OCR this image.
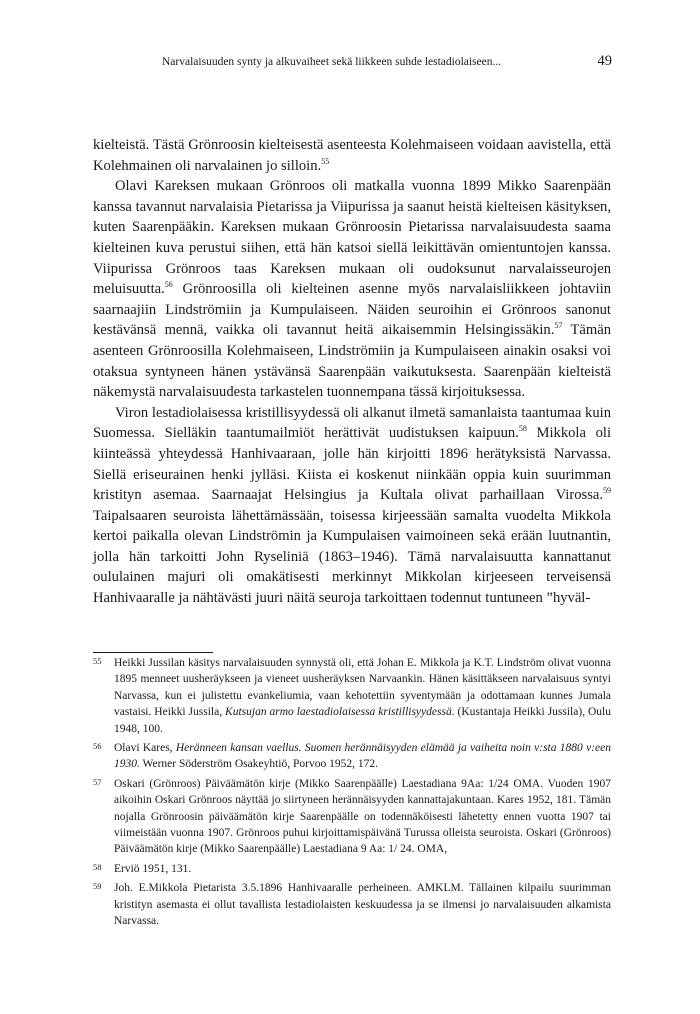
Narvalaisuuden synty ja alkuvaiheet sekä liikkeen suhde lestadiolaiseen...	49

kielteistä. Tästä Grönroosin kielteisestä asenteesta Kolehmaiseen voidaan aavistella, että Kolehmainen oli narvalainen jo silloin.$^{55}$

Olavi Kareksen mukaan Grönroos oli matkalla vuonna 1899 Mikko Saarenpään kanssa tavannut narvalaisia Pietarissa ja Viipurissa ja saanut heistä kielteisen käsityksen, kuten Saarenpääkin. Kareksen mukaan Grönroosin Pietarissa narvalaisuudesta saama kielteinen kuva perustui siihen, että hän katsoi siellä leikittävän omientuntojen kanssa. Viipurissa Grönroos taas Kareksen mukaan oli oudoksunut narvalaisseurojen meluisuutta.$^{56}$ Grönroosilla oli kielteinen asenne myös narvalaisliikkeen johtaviin saarnaajiin Lindströmiin ja Kumpulaiseen. Näiden seuroihin ei Grönroos sanonut kestävänsä mennä, vaikka oli tavannut heitä aikaisemmin Helsingissäkin.$^{57}$ Tämän asenteen Grönroosilla Kolehmaiseen, Lindströmiin ja Kumpulaiseen ainakin osaksi voi otaksua syntyneen hänen ystävänsä Saarenpään vaikutuksesta. Saarenpään kielteistä näkemystä narvalaisuudesta tarkastelen tuonnempana tässä kirjoituksessa.

Viron lestadiolaisessa kristillisyydessä oli alkanut ilmetä samanlaista taantumaa kuin Suomessa. Sielläkin taantumailmiöt herättivät uudistuksen kaipuun.$^{58}$ Mikkola oli kiinteässä yhteydessä Hanhivaaraan, jolle hän kirjoitti 1896 herätyksistä Narvassa. Siellä eriseurainen henki jylläsi. Kiista ei koskenut niinkään oppia kuin suurimman kristityn asemaa. Saarnaajat Helsingius ja Kultala olivat parhaillaan Virossa.$^{59}$ Taipalsaaren seuroista lähettämässään, toisessa kirjeessään samalta vuodelta Mikkola kertoi paikalla olevan Lindströmin ja Kumpulaisen vaimoineen sekä erään luutnantin, jolla hän tarkoitti John Ryseliniä (1863–1946). Tämä narvalaisuutta kannattanut oululainen majuri oli omakätisesti merkinnyt Mikkolan kirjeeseen terveisensä Hanhivaaralle ja nähtävästi juuri näitä seuroja tarkoittaen todennut tuntuneen ”hyväl-

55 Heikki Jussilan käsitys narvalaisuuden synnystä oli, että Johan E. Mikkola ja K.T. Lindström olivat vuonna 1895 menneet uusheräykseen ja vieneet uusheräyksen Narvaankin. Hänen käsittäkseen narvalaisuus syntyi Narvassa, kun ei julistettu evankeliumia, vaan kehotettiin syventymään ja odottamaan kunnes Jumala vastaisi. Heikki Jussila, Kutsujan armo laestadiolaisessa kristillisyydessä. (Kustantaja Heikki Jussila), Oulu 1948, 100.
56 Olavi Kares, Heränneen kansan vaellus. Suomen herännäisyyden elämää ja vaiheita noin v:sta 1880 v:een 1930. Werner Söderström Osakeyhtiö, Porvoo 1952, 172.
57 Oskari (Grönroos) Päiväämätön kirje (Mikko Saarenpäälle) Laestadiana 9Aa: 1/24 OMA. Vuoden 1907 aikoihin Oskari Grönroos näyttää jo siirtyneen herännäisyyden kannattajakuntaan. Kares 1952, 181. Tämän nojalla Grönroosin päiväämätön kirje Saarenpäälle on todennäköisesti lähetetty ennen vuotta 1907 tai viimeistään vuonna 1907. Grönroos puhui kirjoittamispäivänä Turussa olleista seuroista. Oskari (Grönroos) Päiväämätön kirje (Mikko Saarenpäälle) Laestadiana 9 Aa: 1/ 24. OMA,
58 Erviö 1951, 131.
59 Joh. E.Mikkola Pietarista 3.5.1896 Hanhivaaralle perheineen. AMKLM. Tällainen kilpailu suurimman kristityn asemasta ei ollut tavallista lestadiolaisten keskuudessa ja se ilmensi jo narvalaisuuden alkamista Narvassa.
